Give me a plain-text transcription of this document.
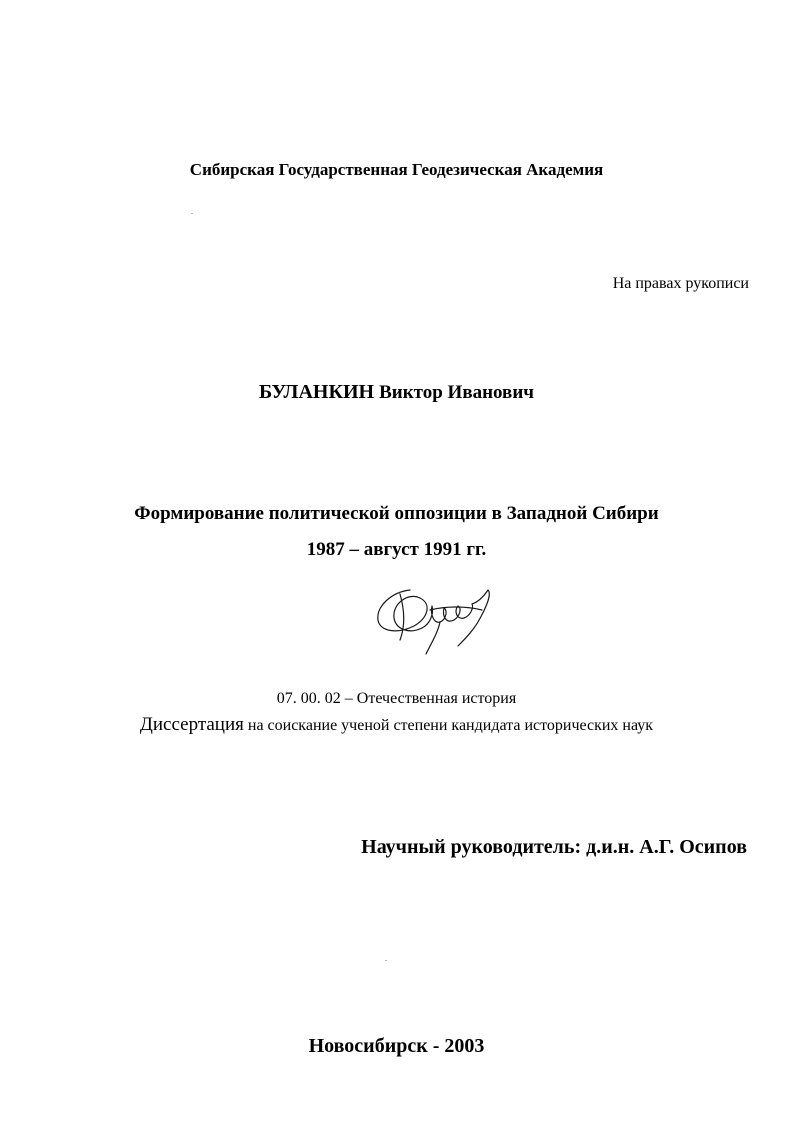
Сибирская Государственная Геодезическая Академия
На правах рукописи
БУЛАНКИН Виктор Иванович
Формирование политической оппозиции в Западной Сибири
1987 – август 1991 гг.
07. 00. 02 – Отечественная история
Диссертация на соискание ученой степени кандидата исторических наук
Научный руководитель: д.и.н. А.Г. Осипов
Новосибирск - 2003
